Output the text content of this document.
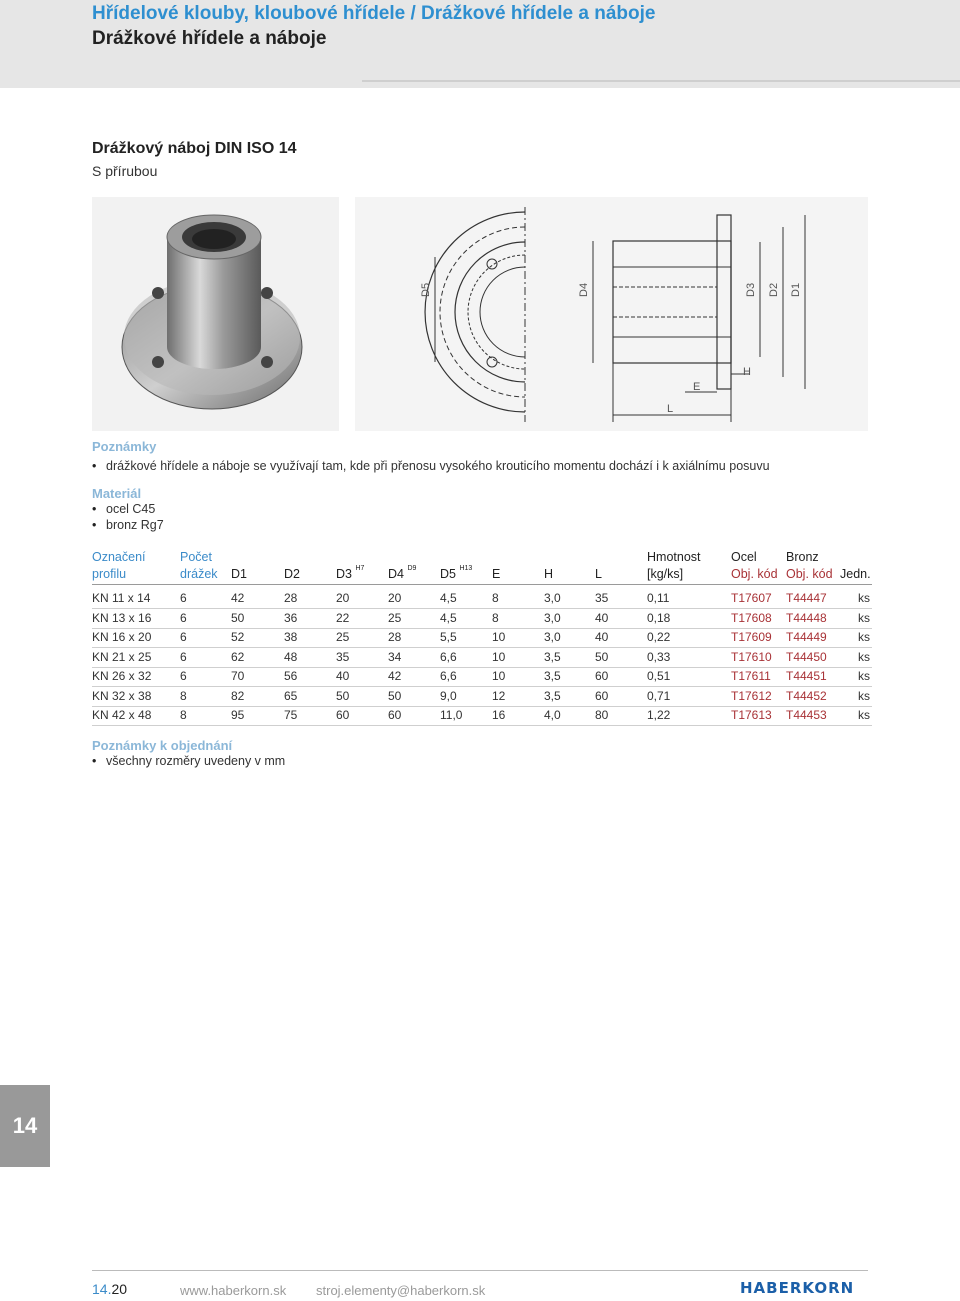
Hřídelové klouby, kloubové hřídele / Drážkové hřídele a náboje
Drážkové hřídele a náboje
Drážkový náboj DIN ISO 14
S přírubou
D5	D4	D3 D2 D1
E
H
L
Poznámky
• drážkové hřídele a náboje se využívají tam, kde při přenosu vysokého krouticího momentu dochází i k axiálnímu posuvu
Materiál
• ocel C45
• bronz Rg7
Označení
profilu
Počet
drážek D1	D2	D3 $^{H7}$ D4 $^{D9}$ D5 $^{H13}$ E	H	L
Hmotnost
[kg/ks]
Ocel
Obj. kód
Bronz
Obj. kód Jedn.
KN 11 x 14 6	42	28	20	20	4,5	8	3,0	35	0,11	T17607 T44447	ks
KN 13 x 16 6	50	36	22	25	4,5	8	3,0	40	0,18	T17608 T44448	ks
KN 16 x 20 6	52	38	25	28	5,5	10	3,0	40	0,22	T17609 T44449	ks
KN 21 x 25 6	62	48	35	34	6,6	10	3,5	50	0,33	T17610 T44450	ks
KN 26 x 32 6	70	56	40	42	6,6	10	3,5	60	0,51	T17611 T44451	ks
KN 32 x 38 8	82	65	50	50	9,0	12	3,5	60	0,71	T17612 T44452	ks
KN 42 x 48 8	95	75	60	60	11,0 16	4,0	80	1,22	T17613 T44453	ks
Poznámky k objednání
• všechny rozměry uvedeny v mm
14
14.20	www.haberkorn.sk stroj.elementy@haberkorn.sk	HABERKORN
